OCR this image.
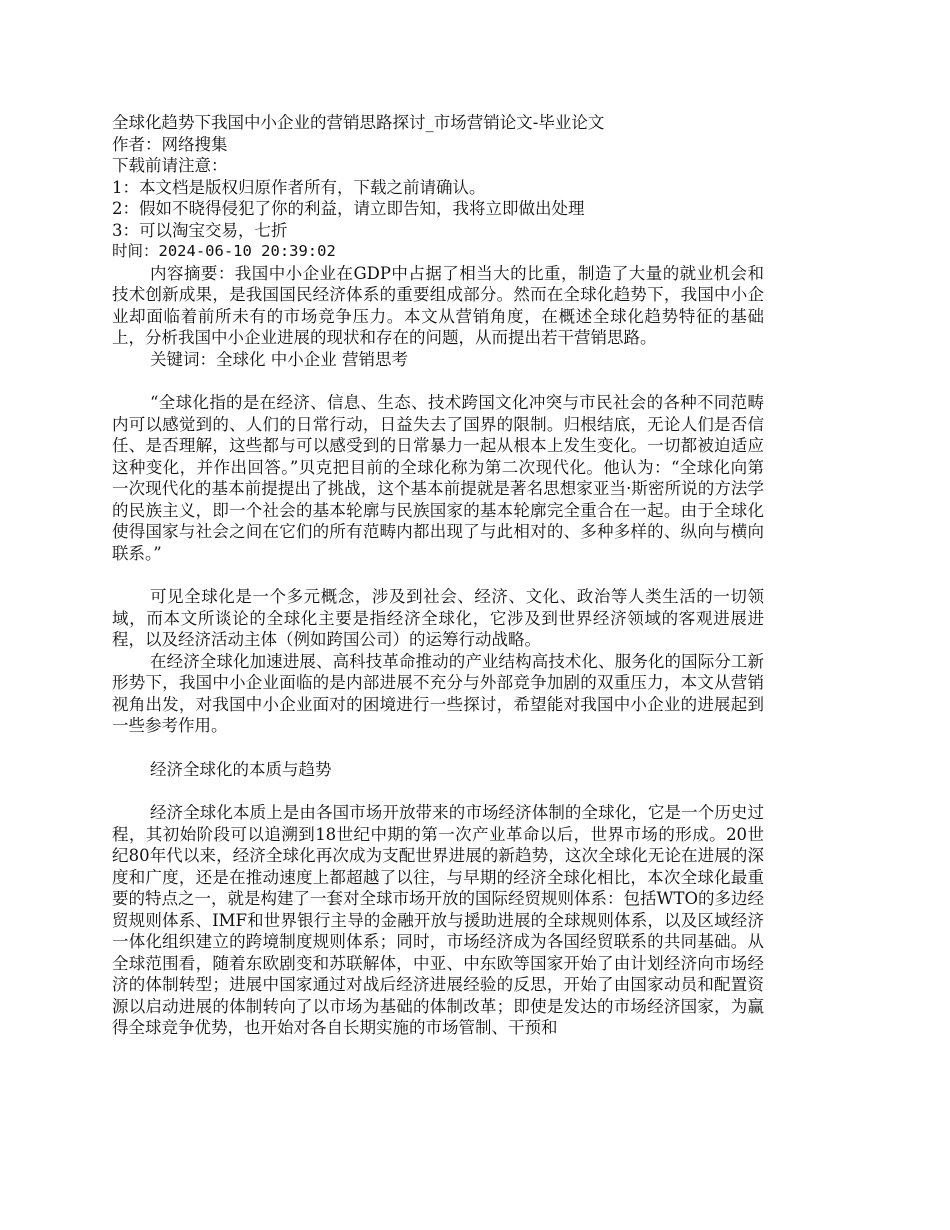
全球化趋势下我国中小企业的营销思路探讨_市场营销论文-毕业论文
作者：网络搜集
下载前请注意：
1：本文档是版权归原作者所有，下载之前请确认。
2：假如不晓得侵犯了你的利益，请立即告知，我将立即做出处理
3：可以淘宝交易，七折
时间：2024-06-10 20:39:02

内容摘要：我国中小企业在GDP中占据了相当大的比重，制造了大量的就业机会和技术创新成果，是我国国民经济体系的重要组成部分。然而在全球化趋势下，我国中小企业却面临着前所未有的市场竞争压力。本文从营销角度，在概述全球化趋势特征的基础上，分析我国中小企业进展的现状和存在的问题，从而提出若干营销思路。

关键词：全球化 中小企业 营销思考

“全球化指的是在经济、信息、生态、技术跨国文化冲突与市民社会的各种不同范畴内可以感觉到的、人们的日常行动，日益失去了国界的限制。归根结底，无论人们是否信任、是否理解，这些都与可以感受到的日常暴力一起从根本上发生变化。一切都被迫适应这种变化，并作出回答。”贝克把目前的全球化称为第二次现代化。他认为：“全球化向第一次现代化的基本前提提出了挑战，这个基本前提就是著名思想家亚当·斯密所说的方法学的民族主义，即一个社会的基本轮廓与民族国家的基本轮廓完全重合在一起。由于全球化使得国家与社会之间在它们的所有范畴内都出现了与此相对的、多种多样的、纵向与横向联系。”

可见全球化是一个多元概念，涉及到社会、经济、文化、政治等人类生活的一切领域，而本文所谈论的全球化主要是指经济全球化，它涉及到世界经济领域的客观进展进程，以及经济活动主体（例如跨国公司）的运筹行动战略。

在经济全球化加速进展、高科技革命推动的产业结构高技术化、服务化的国际分工新形势下，我国中小企业面临的是内部进展不充分与外部竞争加剧的双重压力，本文从营销视角出发，对我国中小企业面对的困境进行一些探讨，希望能对我国中小企业的进展起到一些参考作用。

经济全球化的本质与趋势

经济全球化本质上是由各国市场开放带来的市场经济体制的全球化，它是一个历史过程，其初始阶段可以追溯到18世纪中期的第一次产业革命以后，世界市场的形成。20世纪80年代以来，经济全球化再次成为支配世界进展的新趋势，这次全球化无论在进展的深度和广度，还是在推动速度上都超越了以往，与早期的经济全球化相比，本次全球化最重要的特点之一，就是构建了一套对全球市场开放的国际经贸规则体系：包括WTO的多边经贸规则体系、IMF和世界银行主导的金融开放与援助进展的全球规则体系，以及区域经济一体化组织建立的跨境制度规则体系；同时，市场经济成为各国经贸联系的共同基础。从全球范围看，随着东欧剧变和苏联解体，中亚、中东欧等国家开始了由计划经济向市场经济的体制转型；进展中国家通过对战后经济进展经验的反思，开始了由国家动员和配置资源以启动进展的体制转向了以市场为基础的体制改革；即使是发达的市场经济国家，为赢得全球竞争优势，也开始对各自长期实施的市场管制、干预和
